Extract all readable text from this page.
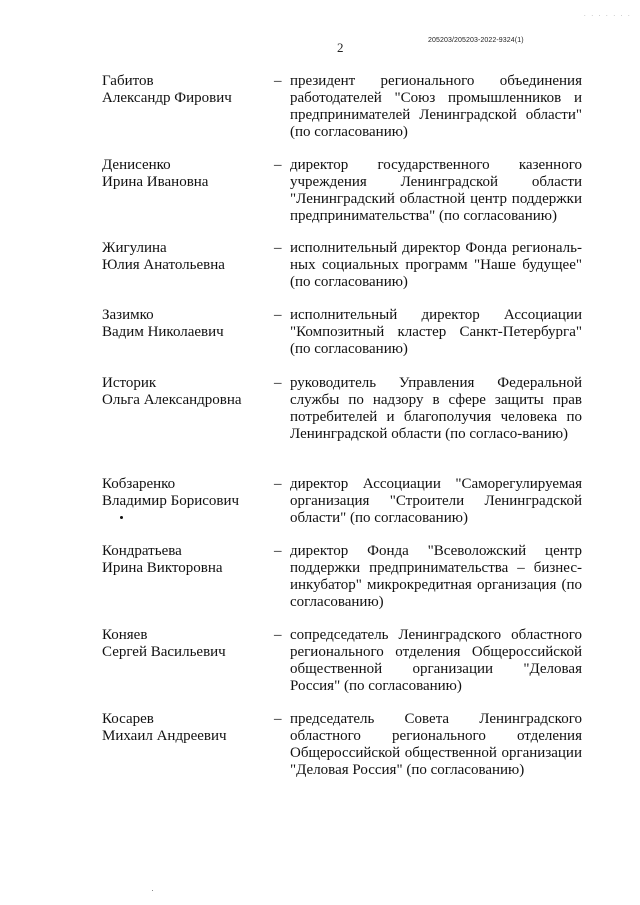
. . . . . . .
205203/205203-2022-9324(1)
2
Габитов
Александр Фирович
– президент регионального объединения работодателей "Союз промышленников и предпринимателей Ленинградской области" (по согласованию)
Денисенко
Ирина Ивановна
– директор государственного казенного учреждения Ленинградской области "Ленинградский областной центр поддержки предпринимательства" (по согласованию)
Жигулина
Юлия Анатольевна
– исполнительный директор Фонда региональ-ных социальных программ "Наше будущее" (по согласованию)
Зазимко
Вадим Николаевич
– исполнительный директор Ассоциации "Композитный кластер Санкт-Петербурга" (по согласованию)
Историк
Ольга Александровна
– руководитель Управления Федеральной службы по надзору в сфере защиты прав потребителей и благополучия человека по Ленинградской области (по согласо-ванию)
Кобзаренко
Владимир Борисович
– директор Ассоциации "Саморегулируемая организация "Строители Ленинградской области" (по согласованию)
Кондратьева
Ирина Викторовна
– директор Фонда "Всеволожский центр поддержки предпринимательства – бизнес-инкубатор" микрокредитная организация (по согласованию)
Коняев
Сергей Васильевич
– сопредседатель Ленинградского областного регионального отделения Общероссийской общественной организации "Деловая Россия" (по согласованию)
Косарев
Михаил Андреевич
– председатель Совета Ленинградского областного регионального отделения Общероссийской общественной организации "Деловая Россия" (по согласованию)
